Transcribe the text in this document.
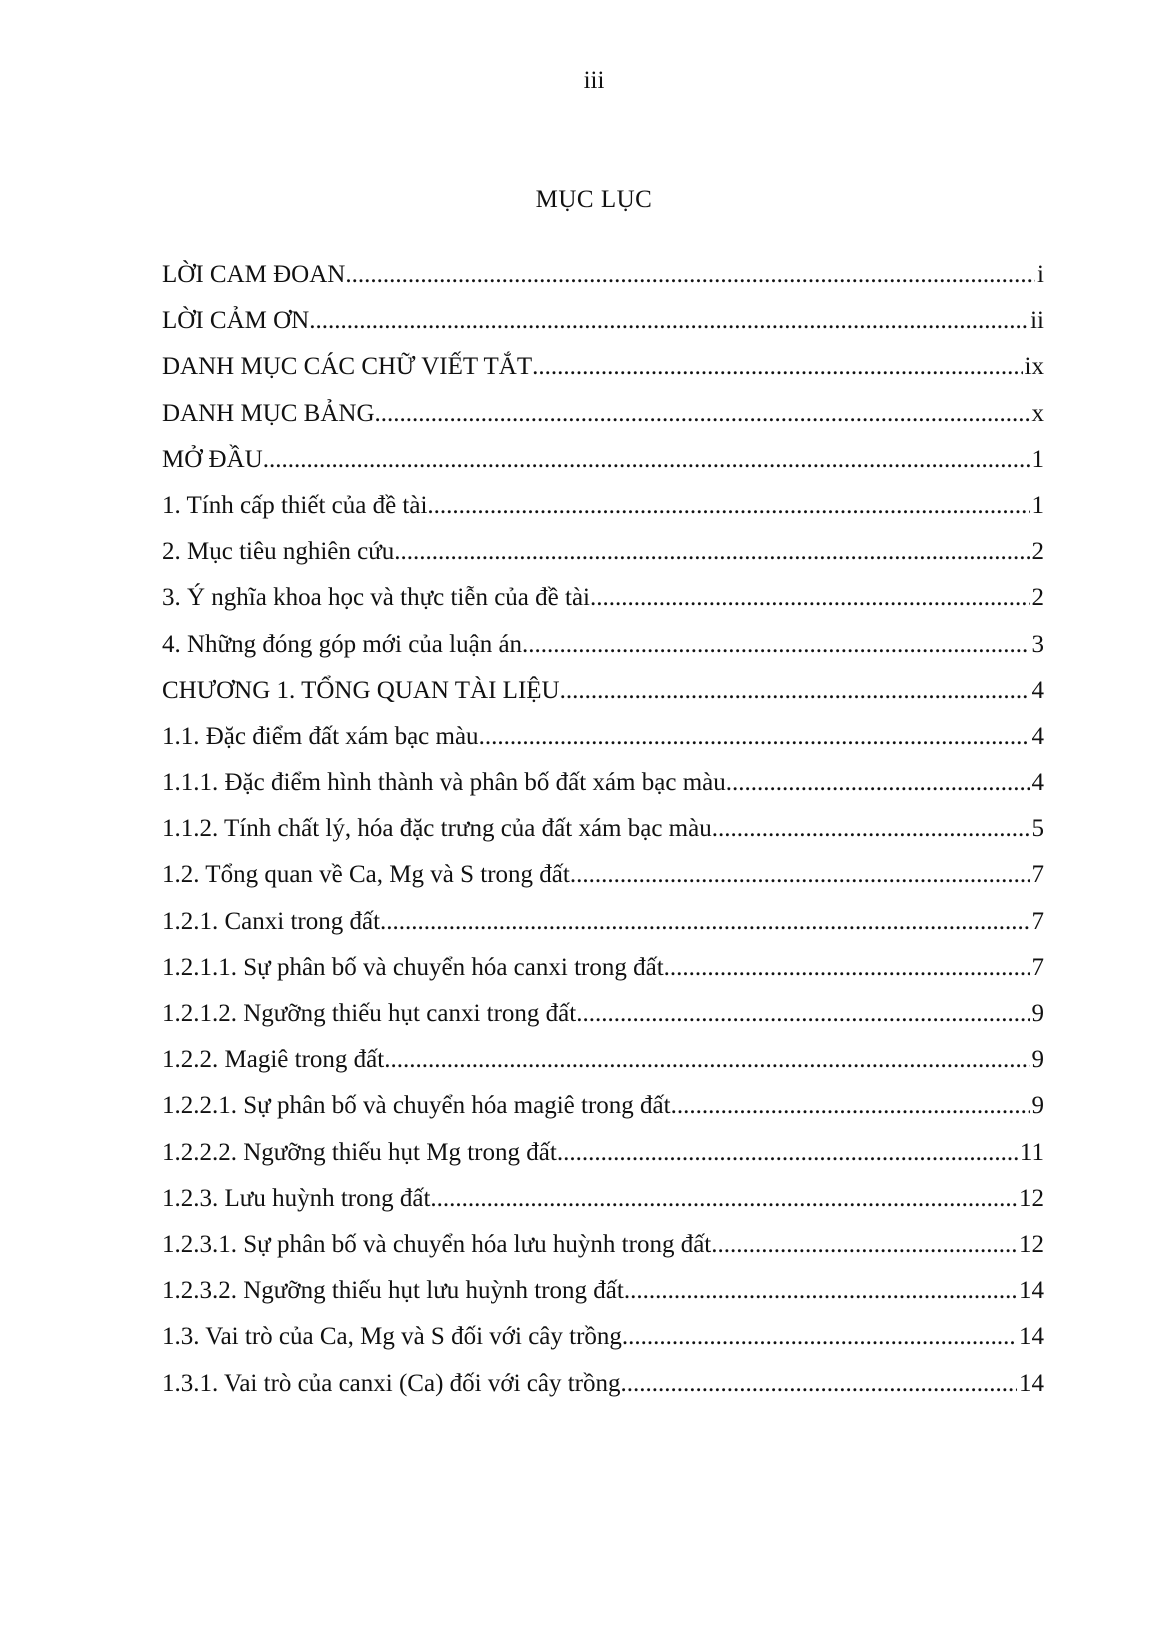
iii
MỤC LỤC
LỜI CAM ĐOAN .....	i
LỜI CẢM ƠN .....	ii
DANH MỤC CÁC CHỮ VIẾT TẮT .....	ix
DANH MỤC BẢNG .....	x
MỞ ĐẦU .....	1
1. Tính cấp thiết của đề tài .....	1
2. Mục tiêu nghiên cứu .....	2
3. Ý nghĩa khoa học và thực tiễn của đề tài .....	2
4. Những đóng góp mới của luận án .....	3
CHƯƠNG 1. TỔNG QUAN TÀI LIỆU .....	4
1.1. Đặc điểm đất xám bạc màu .....	4
1.1.1. Đặc điểm hình thành và phân bố đất xám bạc màu .....	4
1.1.2. Tính chất lý, hóa đặc trưng của đất xám bạc màu .....	5
1.2. Tổng quan về Ca, Mg và S trong đất .....	7
1.2.1. Canxi trong đất .....	7
1.2.1.1. Sự phân bố và chuyển hóa canxi trong đất .....	7
1.2.1.2. Ngưỡng thiếu hụt canxi trong đất .....	9
1.2.2. Magiê trong đất .....	9
1.2.2.1. Sự phân bố và chuyển hóa magiê trong đất .....	9
1.2.2.2. Ngưỡng thiếu hụt Mg trong đất .....	11
1.2.3. Lưu huỳnh trong đất .....	12
1.2.3.1. Sự phân bố và chuyển hóa lưu huỳnh trong đất .....	12
1.2.3.2. Ngưỡng thiếu hụt lưu huỳnh trong đất .....	14
1.3. Vai trò của Ca, Mg và S đối với cây trồng .....	14
1.3.1. Vai trò của canxi (Ca) đối với cây trồng .....	14
